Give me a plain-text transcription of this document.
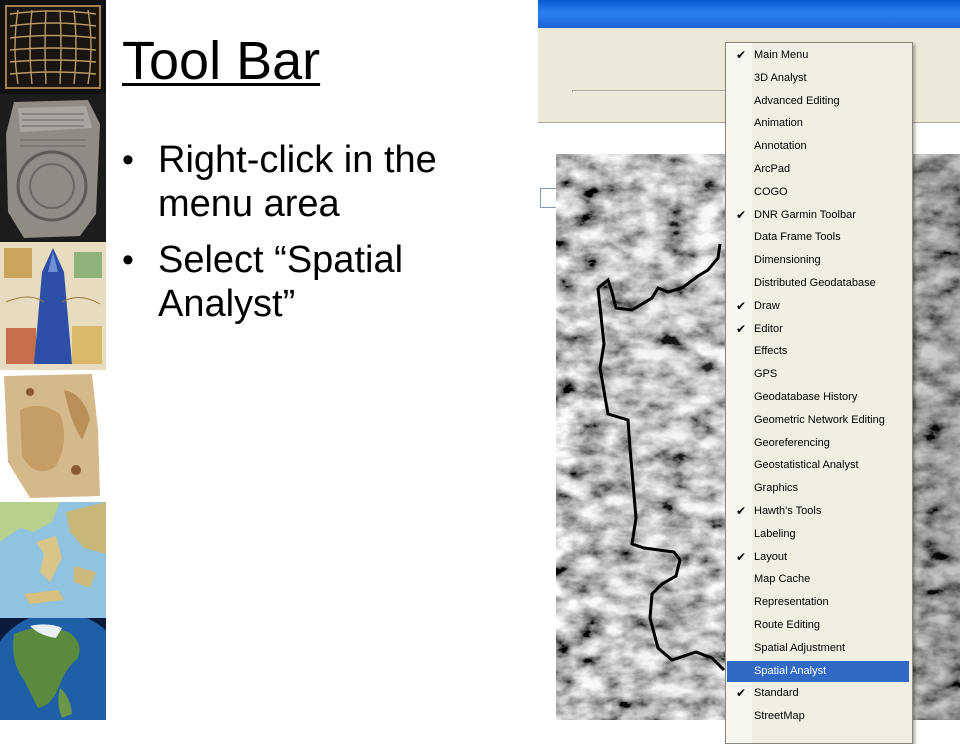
Tool Bar
• Right-click in the menu area
• Select “Spatial Analyst”
✔ Main Menu
3D Analyst
Advanced Editing
Animation
Annotation
ArcPad
COGO
✔ DNR Garmin Toolbar
Data Frame Tools
Dimensioning
Distributed Geodatabase
✔ Draw
✔ Editor
Effects
GPS
Geodatabase History
Geometric Network Editing
Georeferencing
Geostatistical Analyst
Graphics
✔ Hawth's Tools
Labeling
✔ Layout
Map Cache
Representation
Route Editing
Spatial Adjustment
Spatial Analyst
✔ Standard
StreetMap
